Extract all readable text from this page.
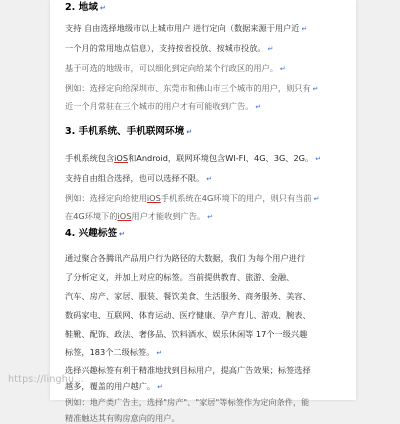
2. 地域 ↵
支持 自由选择地级市以上城市用户 进行定向（数据来源于用户近 ↵
一个月的常用地点信息），支持按省投放、按城市投放。 ↵
基于可选的地级市，可以细化到定向给某个行政区的用户。 ↵
例如：选择定向给深圳市、东莞市和佛山市三个城市的用户，则只有 ↵
近一个月常驻在三个城市的用户才有可能收到广告。 ↵
3. 手机系统、手机联网环境 ↵
手机系统包含iOS和Android，联网环境包含WI-FI、4G、3G、2G。 ↵
支持自由组合选择，也可以选择不限。 ↵
例如：选择定向给使用iOS手机系统在4G环境下的用户，则只有当前 ↵
在4G环境下的iOS用户才能收到广告。 ↵
4. 兴趣标签 ↵
通过聚合各腾讯产品用户行为路径的大数据，我们 为每个用户进行
了分析定义，并加上对应的标签。当前提供教育、旅游、金融、
汽车、房产、家居、服装、餐饮美食、生活服务、商务服务、美容、
数码家电、互联网、体育运动、医疗健康、孕产育儿、游戏、腕表、
鞋靴、配饰、政法、奢侈品、饮料酒水、娱乐休闲等 17个一级兴趣
标签，183个二级标签。 ↵
选择兴趣标签有利于精准地找到目标用户，提高广告效果；标签选择
越多，覆盖的用户越广。 ↵
例如：地产类广告主，选择"房产"、"家居"等标签作为定向条件，能
精准触达其有购房意向的用户。
https://linghu...
